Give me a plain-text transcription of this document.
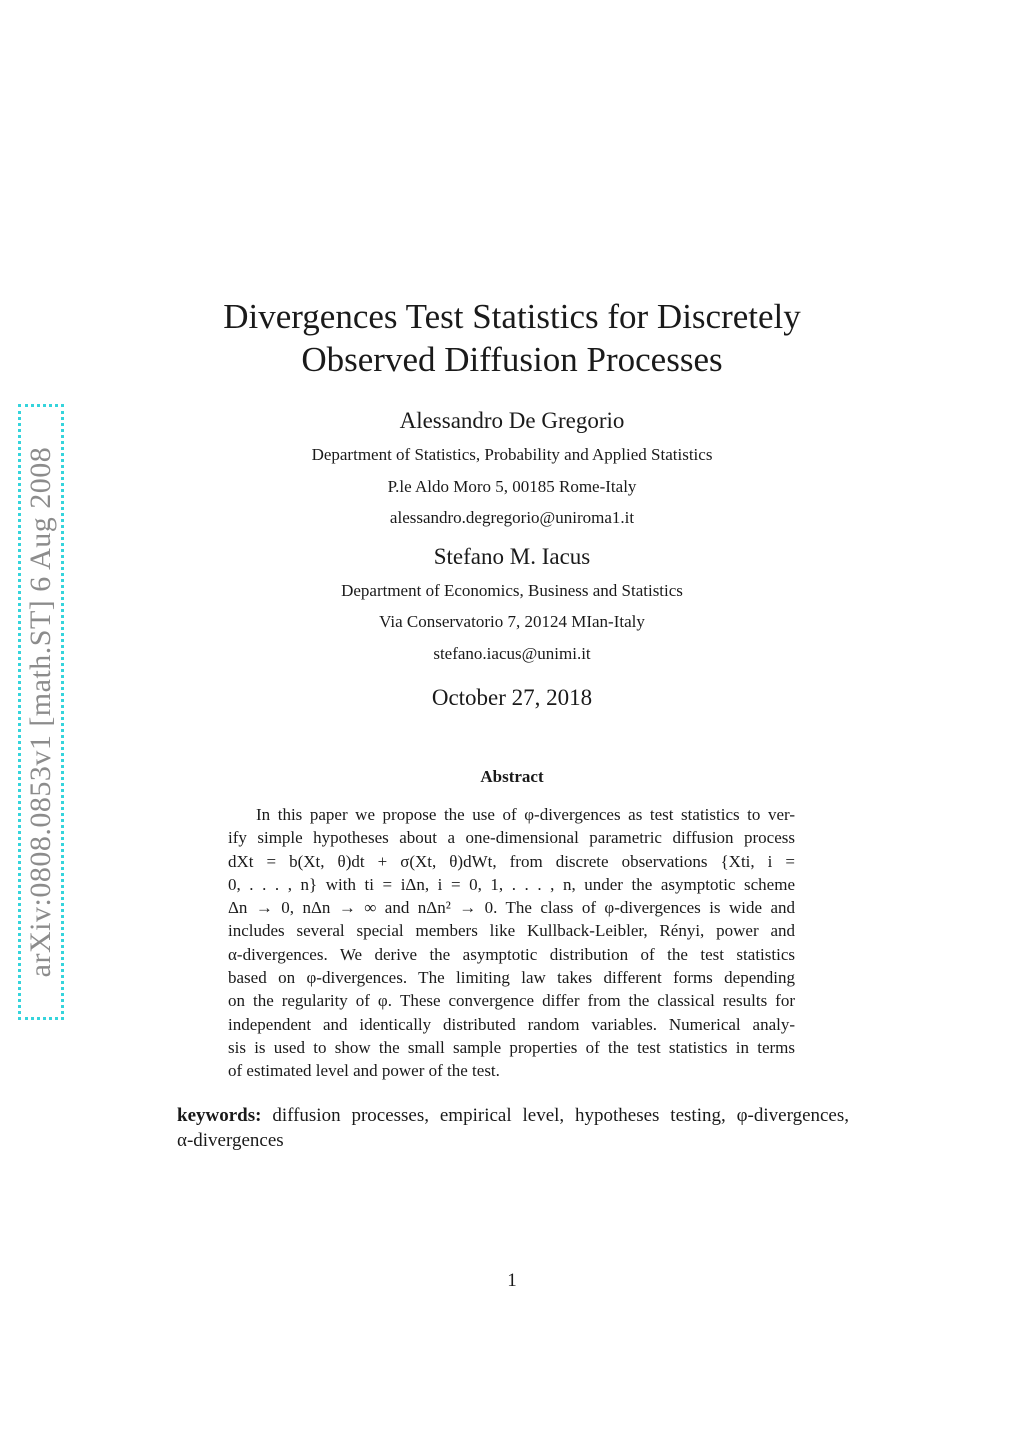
arXiv:0808.0853v1 [math.ST] 6 Aug 2008
Divergences Test Statistics for Discretely
Observed Diffusion Processes
Alessandro De Gregorio
Department of Statistics, Probability and Applied Statistics
P.le Aldo Moro 5, 00185 Rome-Italy
alessandro.degregorio@uniroma1.it
Stefano M. Iacus
Department of Economics, Business and Statistics
Via Conservatorio 7, 20124 MIan-Italy
stefano.iacus@unimi.it
October 27, 2018
Abstract
In this paper we propose the use of φ-divergences as test statistics to ver-
ify simple hypotheses about a one-dimensional parametric diffusion process
dXt = b(Xt, θ)dt + σ(Xt, θ)dWt, from discrete observations {Xti, i =
0, . . . , n} with ti = iΔn, i = 0, 1, . . . , n, under the asymptotic scheme
Δn → 0, nΔn → ∞ and nΔn² → 0. The class of φ-divergences is wide and
includes several special members like Kullback-Leibler, Rényi, power and
α-divergences. We derive the asymptotic distribution of the test statistics
based on φ-divergences. The limiting law takes different forms depending
on the regularity of φ. These convergence differ from the classical results for
independent and identically distributed random variables. Numerical analy-
sis is used to show the small sample properties of the test statistics in terms
of estimated level and power of the test.
keywords: diffusion processes, empirical level, hypotheses testing, φ-divergences,
α-divergences
1
